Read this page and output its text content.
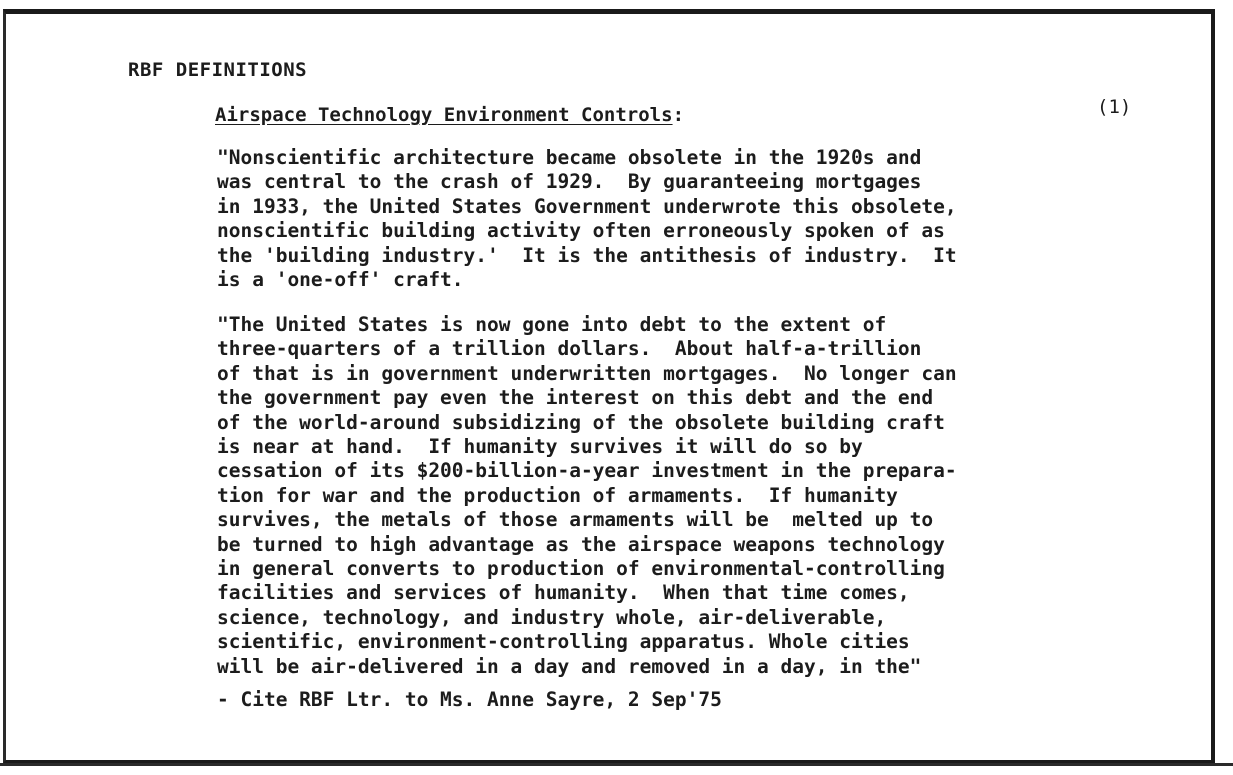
RBF DEFINITIONS
Airspace Technology Environment Controls:	(1)

"Nonscientific architecture became obsolete in the 1920s and
was central to the crash of 1929.  By guaranteeing mortgages
in 1933, the United States Government underwrote this obsolete,
nonscientific building activity often erroneously spoken of as
the 'building industry.'  It is the antithesis of industry.  It
is a 'one-off' craft.

"The United States is now gone into debt to the extent of
three-quarters of a trillion dollars.  About half-a-trillion
of that is in government underwritten mortgages.  No longer can
the government pay even the interest on this debt and the end
of the world-around subsidizing of the obsolete building craft
is near at hand.  If humanity survives it will do so by
cessation of its $200-billion-a-year investment in the prepara-
tion for war and the production of armaments.  If humanity
survives, the metals of those armaments will be  melted up to
be turned to high advantage as the airspace weapons technology
in general converts to production of environmental-controlling
facilities and services of humanity.  When that time comes,
science, technology, and industry whole, air-deliverable,
scientific, environment-controlling apparatus. Whole cities
will be air-delivered in a day and removed in a day, in the"

- Cite RBF Ltr. to Ms. Anne Sayre, 2 Sep'75
